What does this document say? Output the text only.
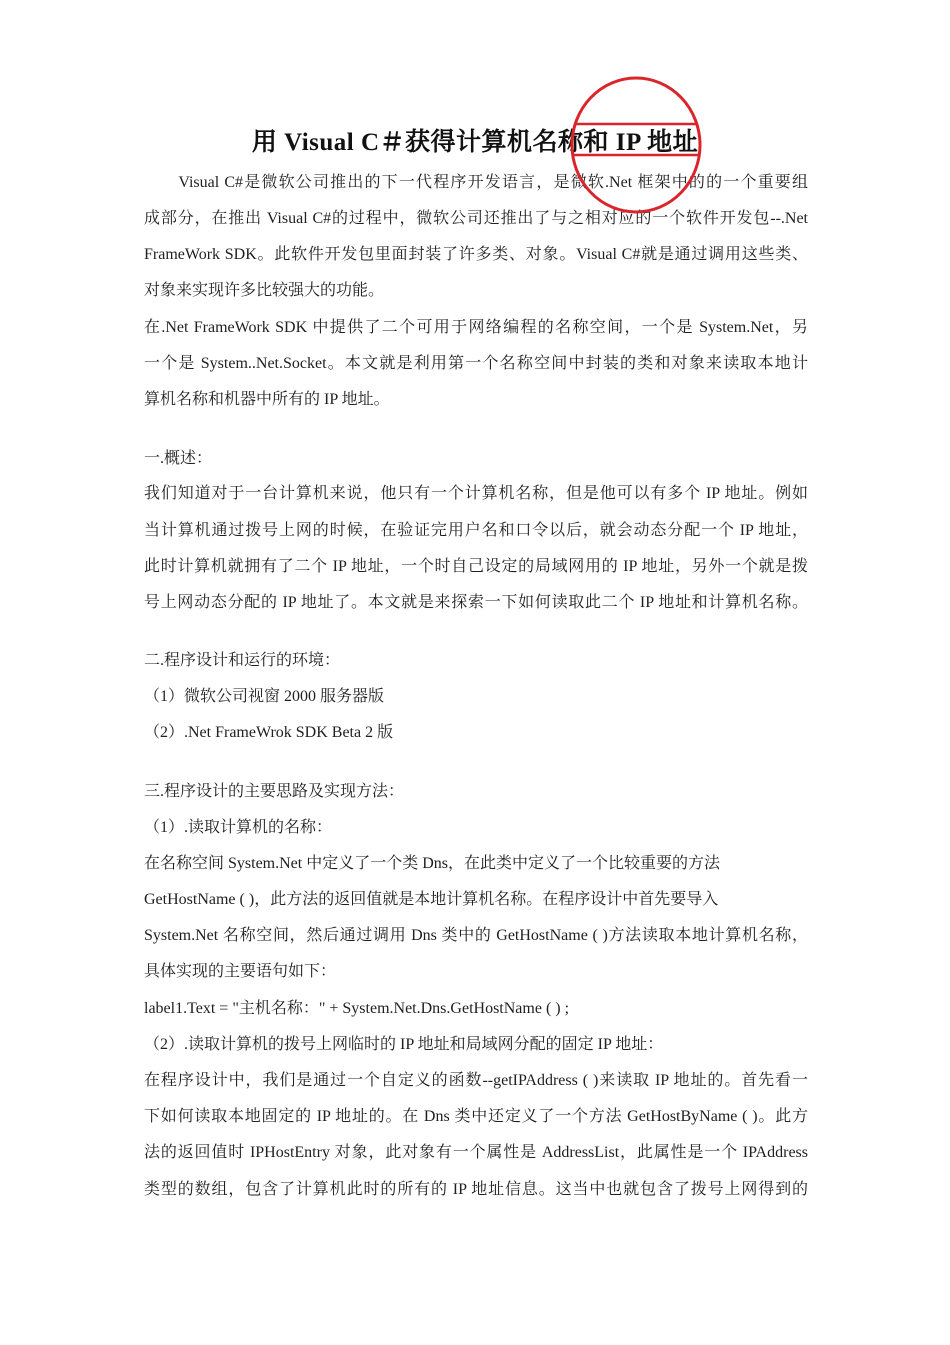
用 Visual C＃获得计算机名称和 IP 地址
　　Visual C#是微软公司推出的下一代程序开发语言，是微软.Net 框架中的的一个重要组
成部分，在推出 Visual C#的过程中，微软公司还推出了与之相对应的一个软件开发包--.Net
FrameWork SDK。此软件开发包里面封装了许多类、对象。Visual C#就是通过调用这些类、
对象来实现许多比较强大的功能。
在.Net FrameWork SDK 中提供了二个可用于网络编程的名称空间，一个是 System.Net，另
一个是 System..Net.Socket。本文就是利用第一个名称空间中封装的类和对象来读取本地计
算机名称和机器中所有的 IP 地址。
一.概述：
我们知道对于一台计算机来说，他只有一个计算机名称，但是他可以有多个 IP 地址。例如
当计算机通过拨号上网的时候，在验证完用户名和口令以后，就会动态分配一个 IP 地址，
此时计算机就拥有了二个 IP 地址，一个时自己设定的局域网用的 IP 地址，另外一个就是拨
号上网动态分配的 IP 地址了。本文就是来探索一下如何读取此二个 IP 地址和计算机名称。
二.程序设计和运行的环境：
（1）微软公司视窗 2000 服务器版
（2）.Net FrameWrok SDK Beta 2 版
三.程序设计的主要思路及实现方法：
（1）.读取计算机的名称：
在名称空间 System.Net 中定义了一个类 Dns，在此类中定义了一个比较重要的方法
GetHostName ( )，此方法的返回值就是本地计算机名称。在程序设计中首先要导入
System.Net 名称空间，然后通过调用 Dns 类中的 GetHostName ( )方法读取本地计算机名称，
具体实现的主要语句如下：
label1.Text = "主机名称：" + System.Net.Dns.GetHostName ( ) ;
（2）.读取计算机的拨号上网临时的 IP 地址和局域网分配的固定 IP 地址：
在程序设计中，我们是通过一个自定义的函数--getIPAddress ( )来读取 IP 地址的。首先看一
下如何读取本地固定的 IP 地址的。在 Dns 类中还定义了一个方法 GetHostByName ( )。此方
法的返回值时 IPHostEntry 对象，此对象有一个属性是 AddressList，此属性是一个 IPAddress
类型的数组，包含了计算机此时的所有的 IP 地址信息。这当中也就包含了拨号上网得到的
